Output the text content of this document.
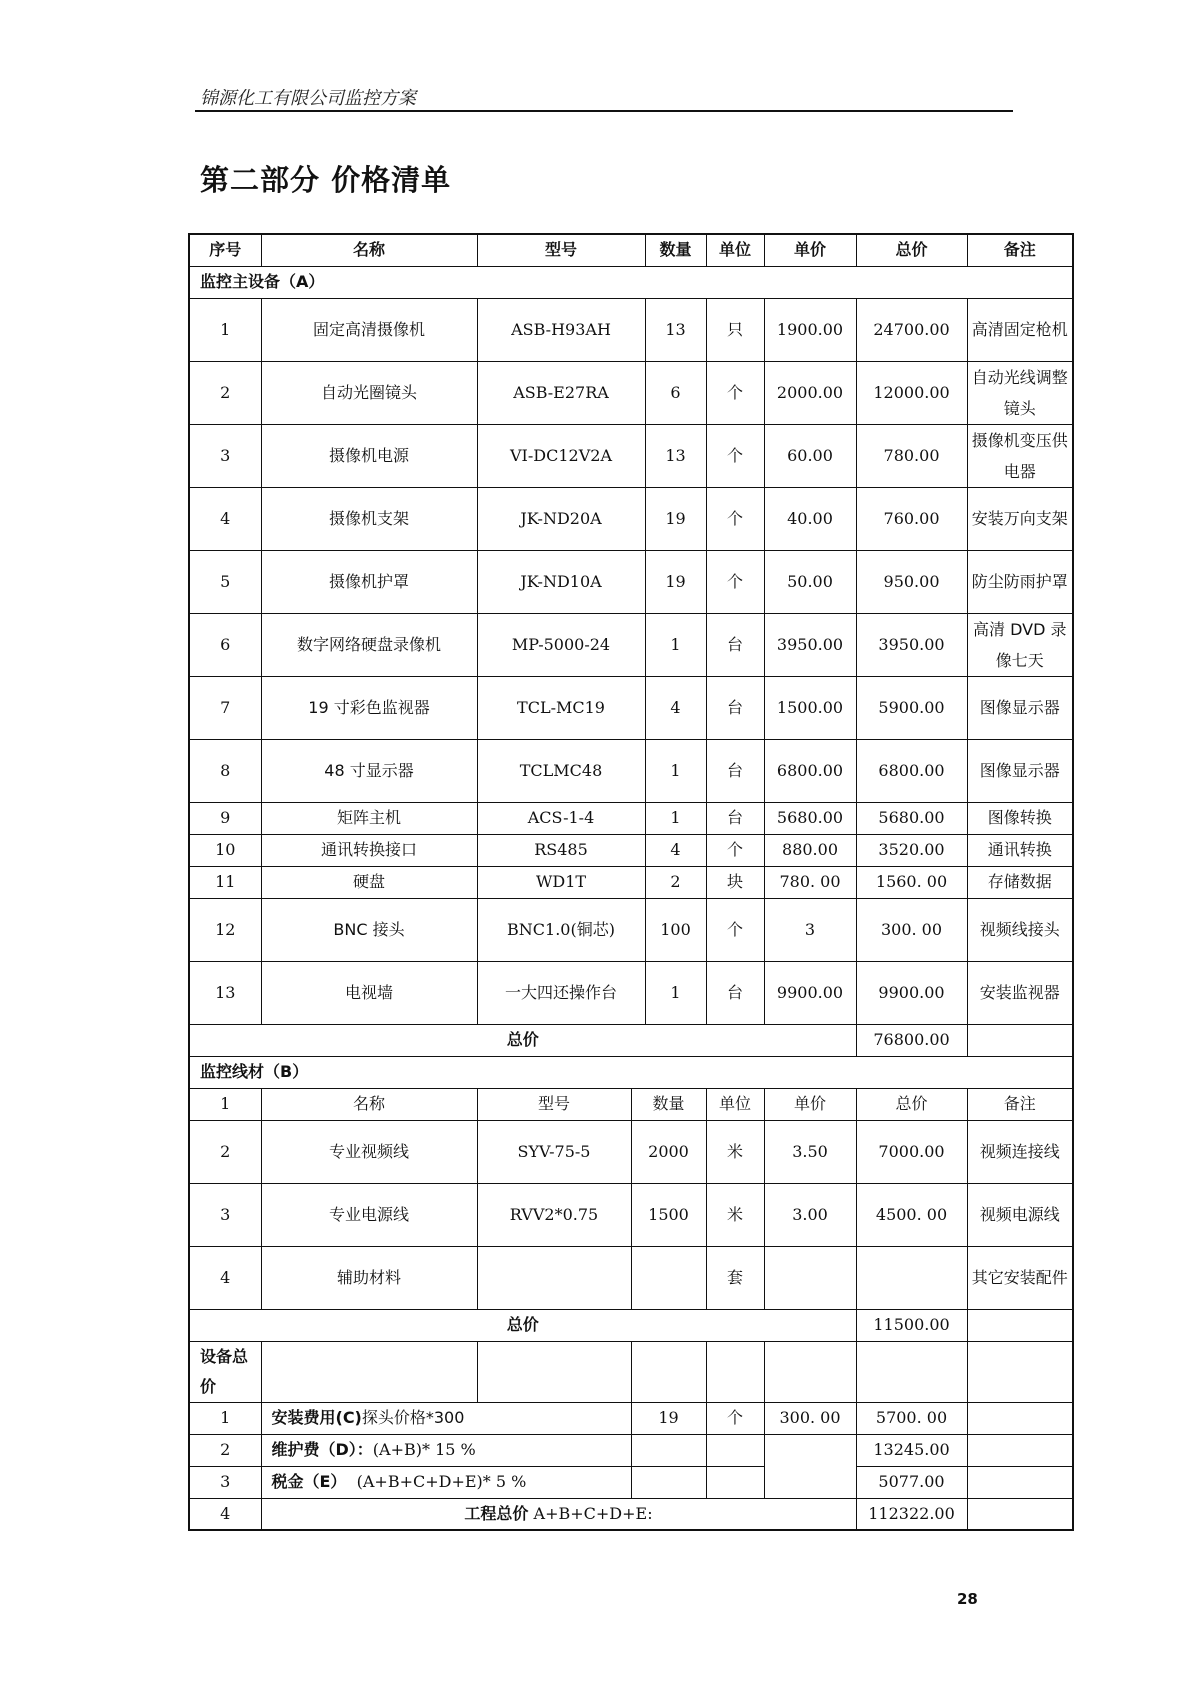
锦源化工有限公司监控方案
第二部分 价格清单
序号	名称	型号		数量	单位	单价	总价	备注
监控主设备（A）								
1	固定高清摄像机	ASB-H93AH		13	只	1900.00	24700.00	高清固定枪机
2	自动光圈镜头	ASB-E27RA		6	个	2000.00	12000.00	自动光线调整镜头
3	摄像机电源	VI-DC12V2A		13	个	60.00	780.00	摄像机变压供电器
4	摄像机支架	JK-ND20A		19	个	40.00	760.00	安装万向支架
5	摄像机护罩	JK-ND10A		19	个	50.00	950.00	防尘防雨护罩
6	数字网络硬盘录像机	MP-5000-24		1	台	3950.00	3950.00	高清 DVD 录像七天
7	19 寸彩色监视器	TCL-MC19		4	台	1500.00	5900.00	图像显示器
8	48 寸显示器	TCLMC48		1	台	6800.00	6800.00	图像显示器
9	矩阵主机	ACS-1-4		1	台	5680.00	5680.00	图像转换
10	通讯转换接口	RS485		4	个	880.00	3520.00	通讯转换
11	硬盘	WD1T		2	块	780. 00	1560. 00	存储数据
12	BNC 接头	BNC1.0(铜芯)		100	个	3	300. 00	视频线接头
13	电视墙	一大四还操作台		1	台	9900.00	9900.00	安装监视器
总价							76800.00	
监控线材（B）								
1	名称	型号	数量		单位	单价	总价	备注
2	专业视频线	SYV-75-5	2000		米	3.50	7000.00	视频连接线
3	专业电源线	RVV2*0.75	1500		米	3.00	4500. 00	视频电源线
4	辅助材料				套			其它安装配件
总价							11500.00	
设备总价								
1	安装费用(C)探头价格*300		19		个	300. 00	5700. 00	
2	维护费（D）：(A+B)* 15 %						13245.00	
3	税金（E） (A+B+C+D+E)* 5 %						5077.00	
4	工程总价 A+B+C+D+E:						112322.00	
28
